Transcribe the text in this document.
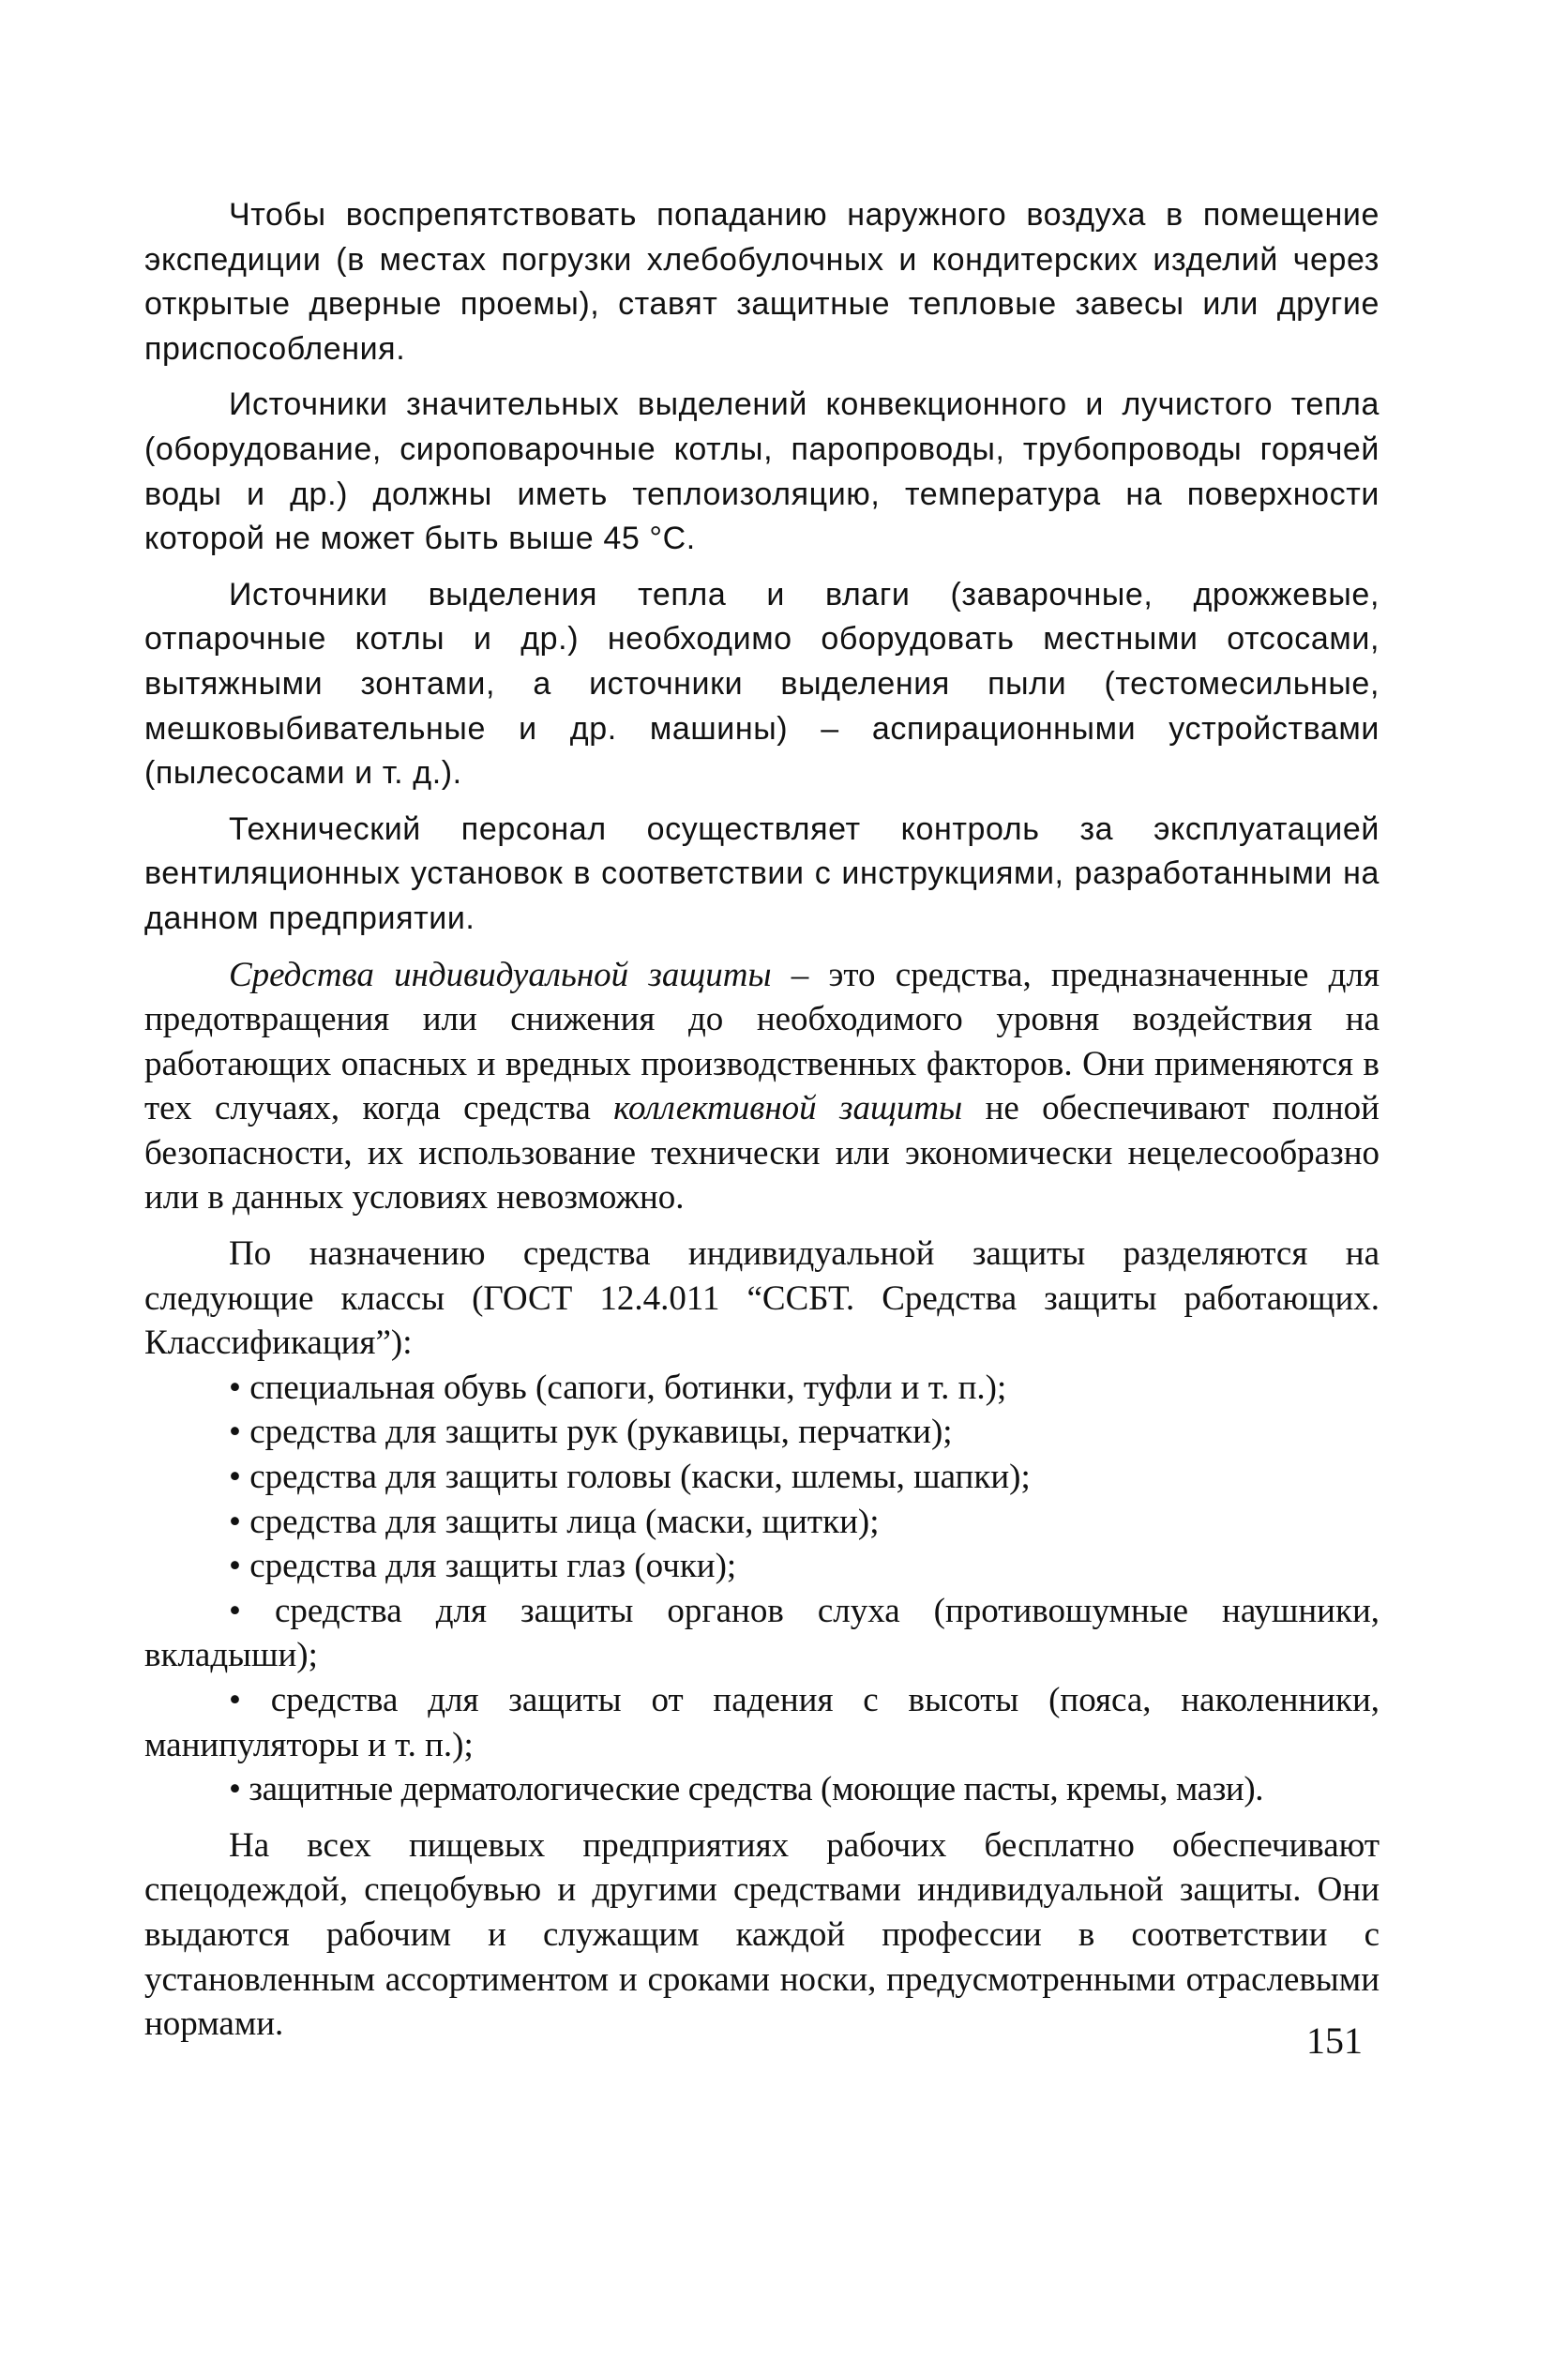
Чтобы воспрепятствовать попаданию наружного воздуха в помещение экспедиции (в местах погрузки хлебобулочных и кондитерских изделий через открытые дверные проемы), ставят защитные тепловые завесы или другие приспособления.

Источники значительных выделений конвекционного и лучистого тепла (оборудование, сироповарочные котлы, паропроводы, трубопроводы горячей воды и др.) должны иметь теплоизоляцию, температура на поверхности которой не может быть выше 45 °С.

Источники выделения тепла и влаги (заварочные, дрожжевые, отпарочные котлы и др.) необходимо оборудовать местными отсосами, вытяжными зонтами, а источники выделения пыли (тестомесильные, мешковыбивательные и др. машины) – аспирационными устройствами (пылесосами и т. д.).

Технический персонал осуществляет контроль за эксплуатацией вентиляционных установок в соответствии с инструкциями, разработанными на данном предприятии.

Средства индивидуальной защиты – это средства, предназначенные для предотвращения или снижения до необходимого уровня воздействия на работающих опасных и вредных производственных факторов. Они применяются в тех случаях, когда средства коллективной защиты не обеспечивают полной безопасности, их использование технически или экономически нецелесообразно или в данных условиях невозможно.

По назначению средства индивидуальной защиты разделяются на следующие классы (ГОСТ 12.4.011 “ССБТ. Средства защиты работающих. Классификация”):

• специальная обувь (сапоги, ботинки, туфли и т. п.);

• средства для защиты рук (рукавицы, перчатки);

• средства для защиты головы (каски, шлемы, шапки);

• средства для защиты лица (маски, щитки);

• средства для защиты глаз (очки);

• средства для защиты органов слуха (противошумные наушники, вкладыши);

• средства для защиты от падения с высоты (пояса, наколенники, манипуляторы и т. п.);

• защитные дерматологические средства (моющие пасты, кремы, мази).

На всех пищевых предприятиях рабочих бесплатно обеспечивают спецодеждой, спецобувью и другими средствами индивидуальной защиты. Они выдаются рабочим и служащим каждой профессии в соответствии с установленным ассортиментом и сроками носки, предусмотренными отраслевыми нормами.	151
